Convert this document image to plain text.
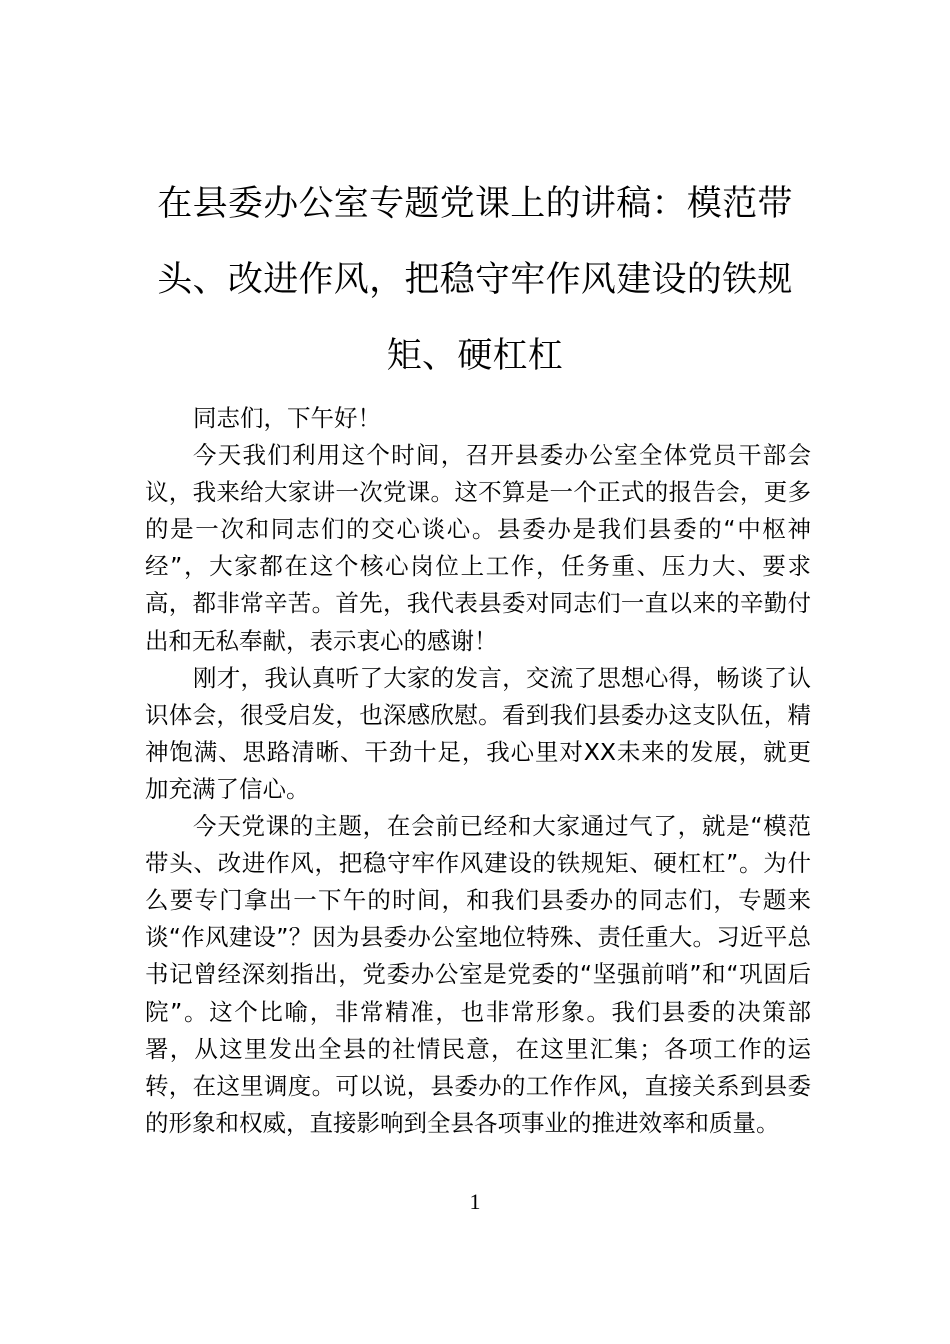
在县委办公室专题党课上的讲稿：模范带头、改进作风，把稳守牢作风建设的铁规矩、硬杠杠

同志们，下午好！

今天我们利用这个时间，召开县委办公室全体党员干部会议，我来给大家讲一次党课。这不算是一个正式的报告会，更多的是一次和同志们的交心谈心。县委办是我们县委的“中枢神经”，大家都在这个核心岗位上工作，任务重、压力大、要求高，都非常辛苦。首先，我代表县委对同志们一直以来的辛勤付出和无私奉献，表示衷心的感谢！

刚才，我认真听了大家的发言，交流了思想心得，畅谈了认识体会，很受启发，也深感欣慰。看到我们县委办这支队伍，精神饱满、思路清晰、干劲十足，我心里对XX未来的发展，就更加充满了信心。

今天党课的主题，在会前已经和大家通过气了，就是“模范带头、改进作风，把稳守牢作风建设的铁规矩、硬杠杠”。为什么要专门拿出一下午的时间，和我们县委办的同志们，专题来谈“作风建设”？因为县委办公室地位特殊、责任重大。习近平总书记曾经深刻指出，党委办公室是党委的“坚强前哨”和“巩固后院”。这个比喻，非常精准，也非常形象。我们县委的决策部署，从这里发出全县的社情民意，在这里汇集；各项工作的运转，在这里调度。可以说，县委办的工作作风，直接关系到县委的形象和权威，直接影响到全县各项事业的推进效率和质量。

1
